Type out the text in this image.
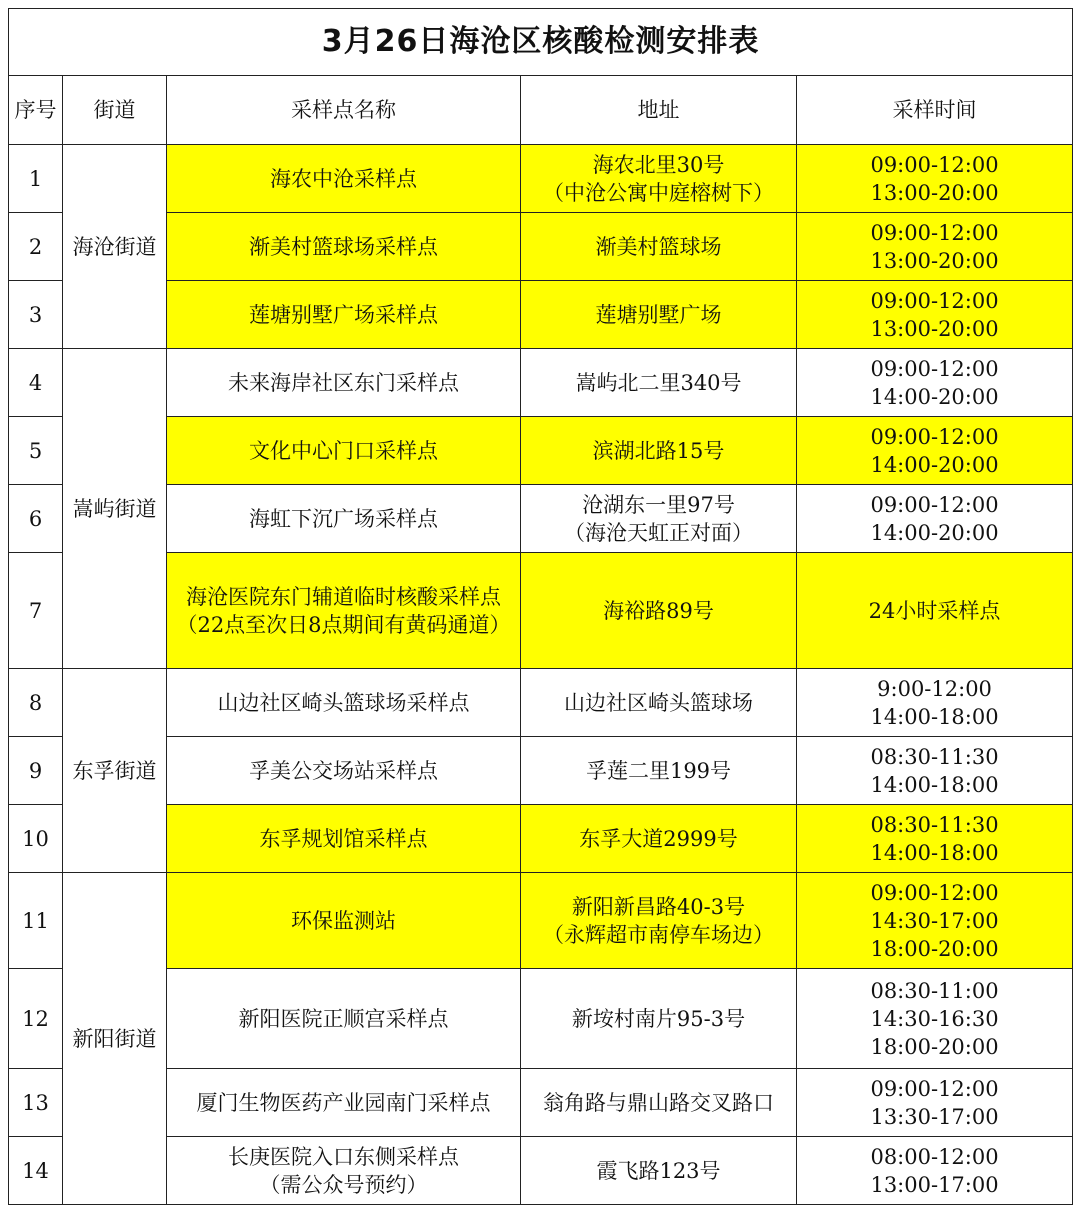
3月26日海沧区核酸检测安排表				
序号	街道	采样点名称	地址	采样时间
1	海沧街道	海农中沧采样点	海农北里30号
（中沧公寓中庭榕树下）	09:00-12:00
13:00-20:00

2		渐美村篮球场采样点	渐美村篮球场	09:00-12:00
13:00-20:00

3		莲塘别墅广场采样点	莲塘别墅广场	09:00-12:00
13:00-20:00

4	嵩屿街道	未来海岸社区东门采样点	嵩屿北二里340号	09:00-12:00
14:00-20:00

5		文化中心门口采样点	滨湖北路15号	09:00-12:00
14:00-20:00

6		海虹下沉广场采样点	沧湖东一里97号
（海沧天虹正对面）	09:00-12:00
14:00-20:00

7		海沧医院东门辅道临时核酸采样点
（22点至次日8点期间有黄码通道）	海裕路89号	24小时采样点

8	东孚街道	山边社区崎头篮球场采样点	山边社区崎头篮球场	9:00-12:00
14:00-18:00

9		孚美公交场站采样点	孚莲二里199号	08:30-11:30
14:00-18:00

10		东孚规划馆采样点	东孚大道2999号	08:30-11:30
14:00-18:00

11	新阳街道	环保监测站	新阳新昌路40-3号
（永辉超市南停车场边）	09:00-12:00
14:30-17:00
18:00-20:00

12		新阳医院正顺宫采样点	新垵村南片95-3号	08:30-11:00
14:30-16:30
18:00-20:00

13		厦门生物医药产业园南门采样点	翁角路与鼎山路交叉路口	09:00-12:00
13:30-17:00

14		长庚医院入口东侧采样点
（需公众号预约）	霞飞路123号	08:00-12:00
13:00-17:00
